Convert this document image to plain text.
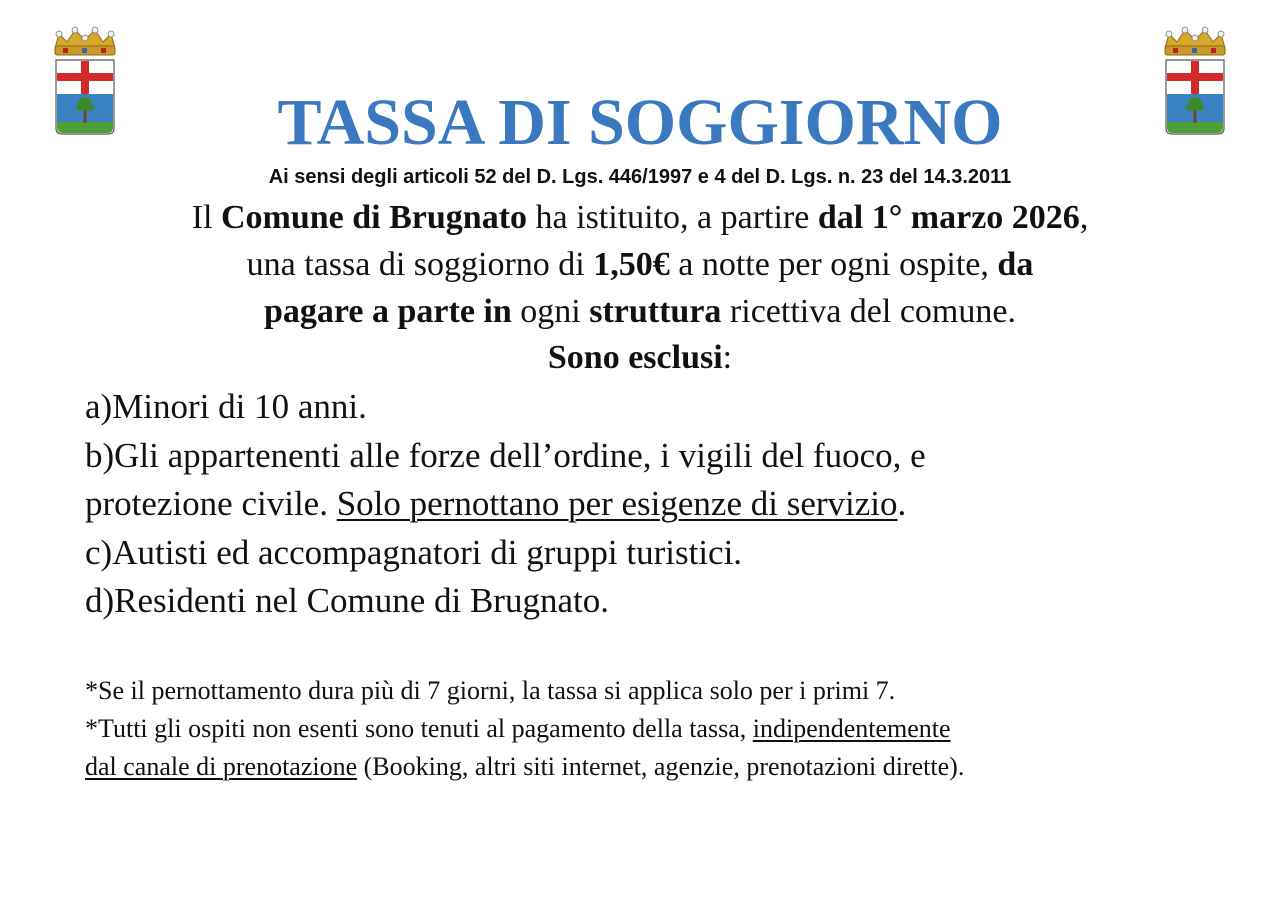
TASSA DI SOGGIORNO
Ai sensi degli articoli 52 del D. Lgs. 446/1997 e 4 del D. Lgs. n. 23 del 14.3.2011
Il Comune di Brugnato ha istituito, a partire dal 1° marzo 2026,
una tassa di soggiorno di 1,50€ a notte per ogni ospite, da
pagare a parte in ogni struttura ricettiva del comune.
Sono esclusi:
a)Minori di 10 anni.
b)Gli appartenenti alle forze dell’ordine, i vigili del fuoco, e
protezione civile. Solo pernottano per esigenze di servizio.
c)Autisti ed accompagnatori di gruppi turistici.
d)Residenti nel Comune di Brugnato.
*Se il pernottamento dura più di 7 giorni, la tassa si applica solo per i primi 7.
*Tutti gli ospiti non esenti sono tenuti al pagamento della tassa, indipendentemente
dal canale di prenotazione (Booking, altri siti internet, agenzie, prenotazioni dirette).
